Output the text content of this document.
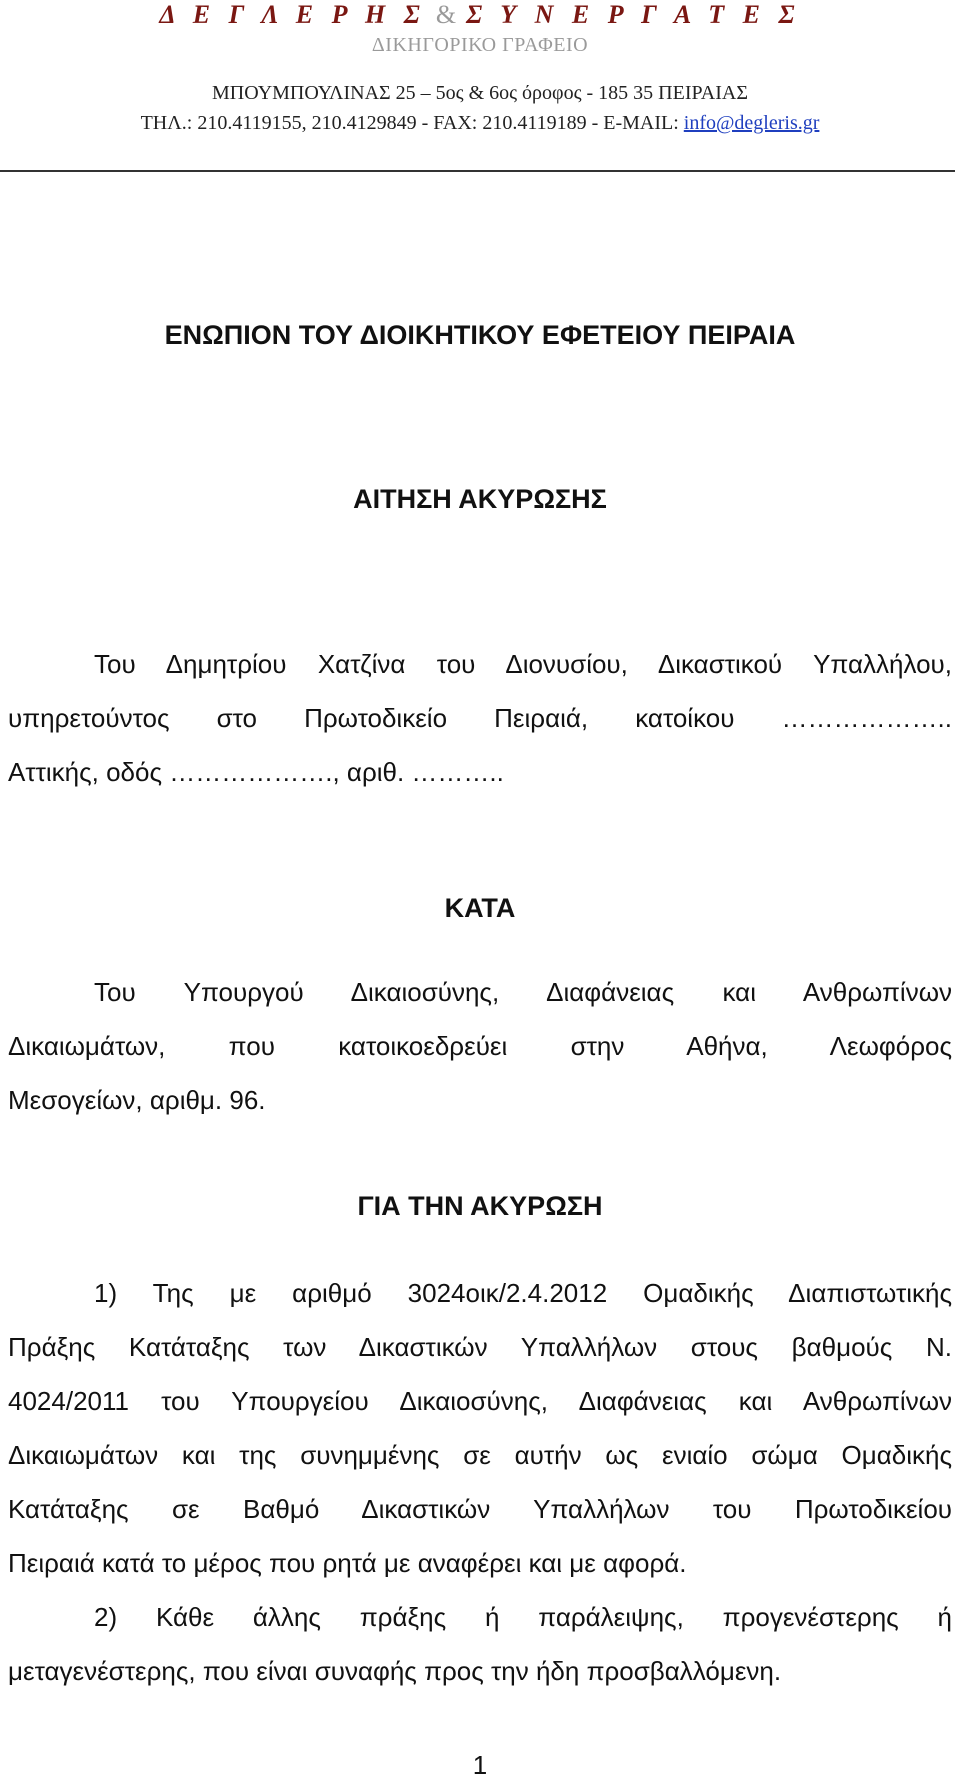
Δ Ε Γ Λ Ε Ρ Η Σ & Σ Υ Ν Ε Ρ Γ Α Τ Ε Σ
ΔΙΚΗΓΟΡΙΚΟ ΓΡΑΦΕΙΟ
ΜΠΟΥΜΠΟΥΛΙΝΑΣ 25 – 5ος & 6ος όροφος - 185 35 ΠΕΙΡΑΙΑΣ
ΤΗΛ.: 210.4119155, 210.4129849 - FAX: 210.4119189 - E-MAIL: info@degleris.gr
ΕΝΩΠΙΟΝ ΤΟΥ ΔΙΟΙΚΗΤΙΚΟΥ ΕΦΕΤΕΙΟΥ ΠΕΙΡΑΙΑ
ΑΙΤΗΣΗ ΑΚΥΡΩΣΗΣ
Του Δημητρίου Χατζίνα του Διονυσίου, Δικαστικού Υπαλλήλου,
υπηρετούντος στο Πρωτοδικείο Πειραιά, κατοίκου ………………..
Αττικής, οδός ………………., αριθ. ………..
ΚΑΤΑ
Του Υπουργού Δικαιοσύνης, Διαφάνειας και Ανθρωπίνων
Δικαιωμάτων, που κατοικοεδρεύει στην Αθήνα, Λεωφόρος
Μεσογείων, αριθμ. 96.
ΓΙΑ ΤΗΝ ΑΚΥΡΩΣΗ
1) Της με αριθμό 3024οικ/2.4.2012 Ομαδικής Διαπιστωτικής
Πράξης Κατάταξης των Δικαστικών Υπαλλήλων στους βαθμούς Ν.
4024/2011 του Υπουργείου Δικαιοσύνης, Διαφάνειας και Ανθρωπίνων
Δικαιωμάτων και της συνημμένης σε αυτήν ως ενιαίο σώμα Ομαδικής
Κατάταξης σε Βαθμό Δικαστικών Υπαλλήλων του Πρωτοδικείου
Πειραιά κατά το μέρος που ρητά με αναφέρει και με αφορά.
2) Κάθε άλλης πράξης ή παράλειψης, προγενέστερης ή
μεταγενέστερης, που είναι συναφής προς την ήδη προσβαλλόμενη.
1
